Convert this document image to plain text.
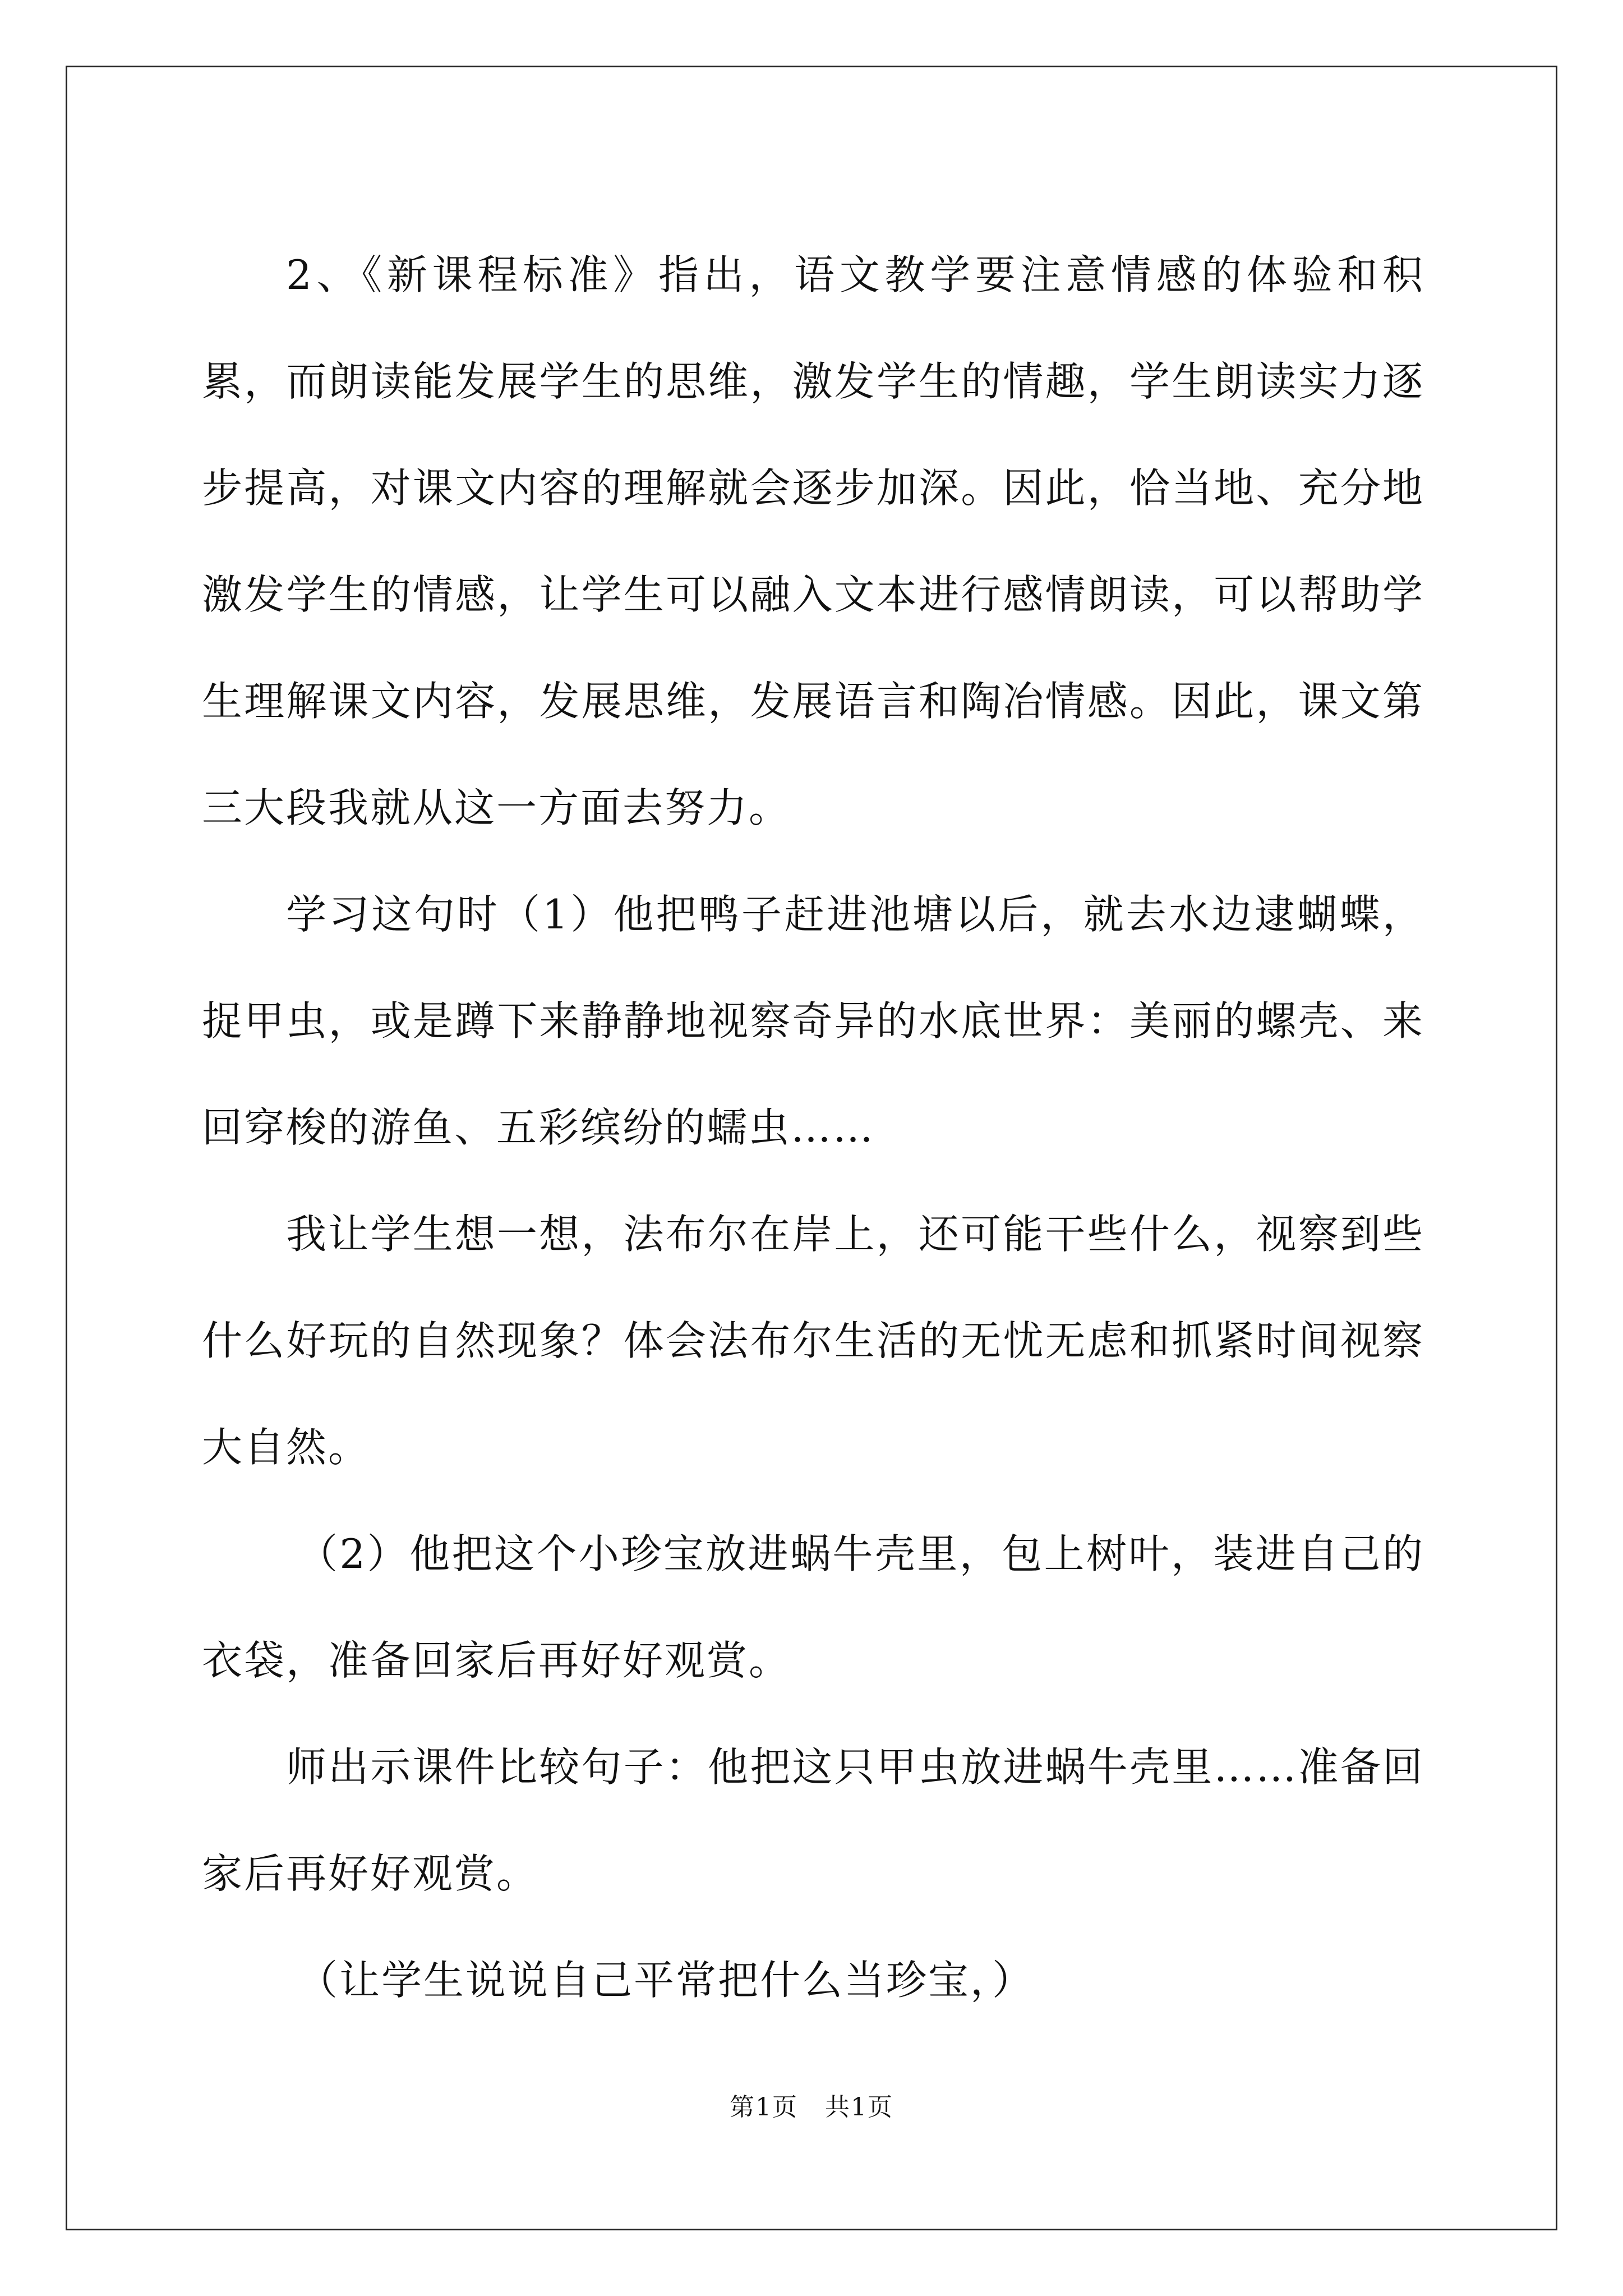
2、《新课程标准》指出，语文教学要注意情感的体验和积累，而朗读能发展学生的思维，激发学生的情趣，学生朗读实力逐步提高，对课文内容的理解就会逐步加深。因此，恰当地、充分地激发学生的情感，让学生可以融入文本进行感情朗读，可以帮助学生理解课文内容，发展思维，发展语言和陶冶情感。因此，课文第三大段我就从这一方面去努力。

学习这句时（1）他把鸭子赶进池塘以后，就去水边逮蝴蝶，捉甲虫，或是蹲下来静静地视察奇异的水底世界：美丽的螺壳、来回穿梭的游鱼、五彩缤纷的蠕虫……

我让学生想一想，法布尔在岸上，还可能干些什么，视察到些什么好玩的自然现象？体会法布尔生活的无忧无虑和抓紧时间视察大自然。

（2）他把这个小珍宝放进蜗牛壳里，包上树叶，装进自己的衣袋，准备回家后再好好观赏。

师出示课件比较句子：他把这只甲虫放进蜗牛壳里……准备回家后再好好观赏。

（让学生说说自己平常把什么当珍宝，）

第1页 共1页
